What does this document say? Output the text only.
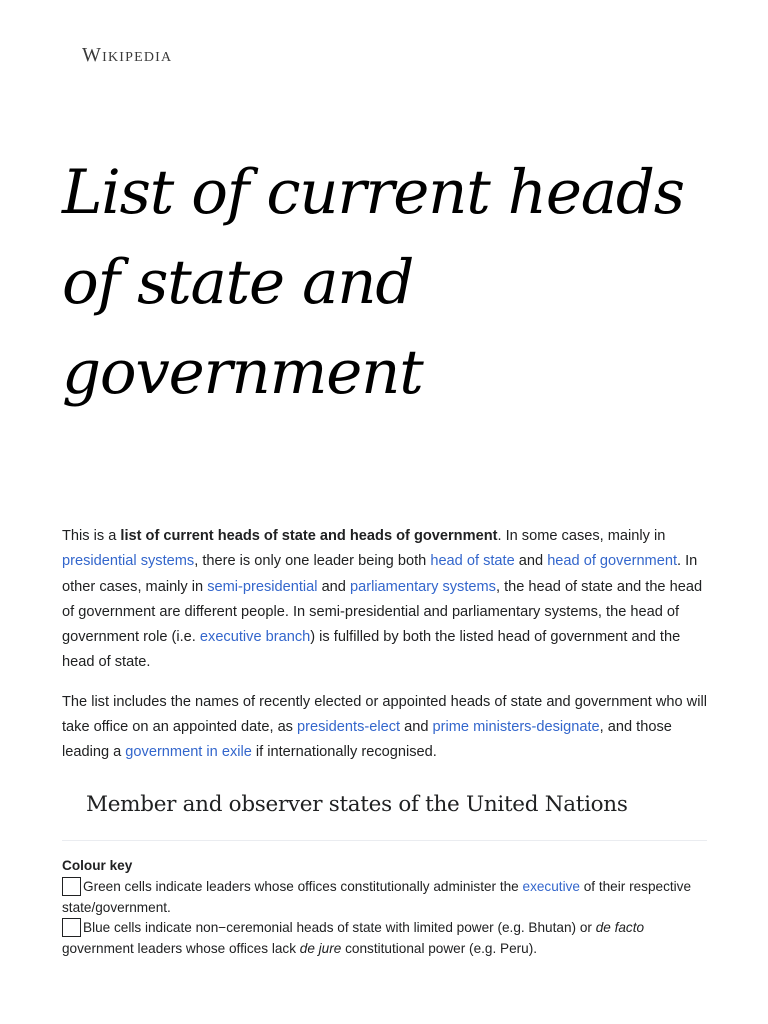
Wikipedia
List of current heads of state and government

This is a list of current heads of state and heads of government. In some cases, mainly in presidential systems, there is only one leader being both head of state and head of government. In other cases, mainly in semi-presidential and parliamentary systems, the head of state and the head of government are different people. In semi-presidential and parliamentary systems, the head of government role (i.e. executive branch) is fulfilled by both the listed head of government and the head of state.

The list includes the names of recently elected or appointed heads of state and government who will take office on an appointed date, as presidents-elect and prime ministers-designate, and those leading a government in exile if internationally recognised.

Member and observer states of the United Nations
Colour key
Green cells indicate leaders whose offices constitutionally administer the executive of their respective state/government.
Blue cells indicate non−ceremonial heads of state with limited power (e.g. Bhutan) or de facto government leaders whose offices lack de jure constitutional power (e.g. Peru).
